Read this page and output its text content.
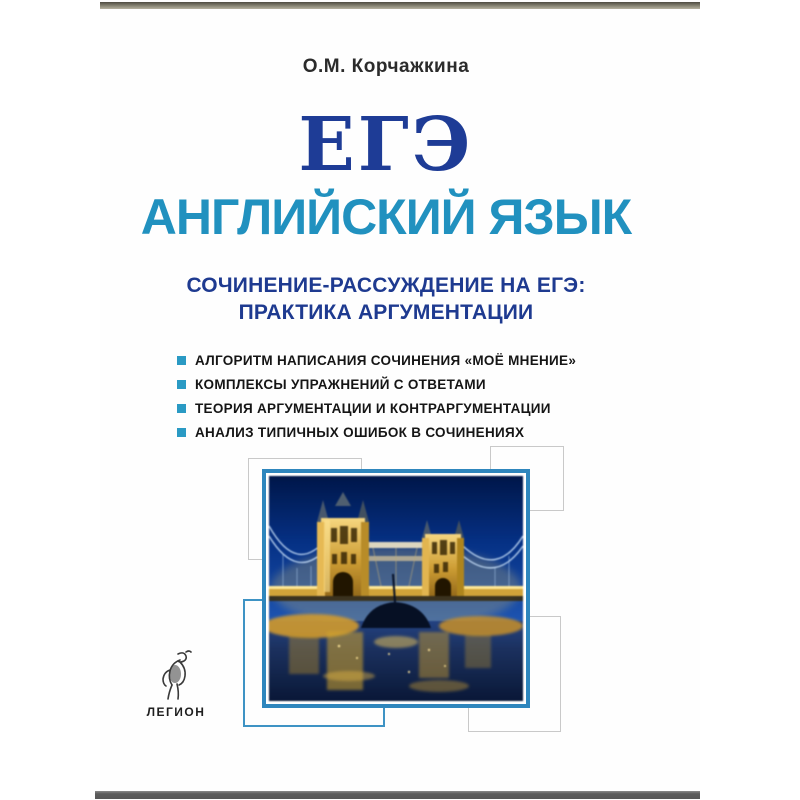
О.М. Корчажкина
ЕГЭ
АНГЛИЙСКИЙ ЯЗЫК
СОЧИНЕНИЕ-РАССУЖДЕНИЕ НА ЕГЭ:
ПРАКТИКА АРГУМЕНТАЦИИ
АЛГОРИТМ НАПИСАНИЯ СОЧИНЕНИЯ «МОЁ МНЕНИЕ»
КОМПЛЕКСЫ УПРАЖНЕНИЙ С ОТВЕТАМИ
ТЕОРИЯ АРГУМЕНТАЦИИ И КОНТРАРГУМЕНТАЦИИ
АНАЛИЗ ТИПИЧНЫХ ОШИБОК В СОЧИНЕНИЯХ
ЛЕГИОН
